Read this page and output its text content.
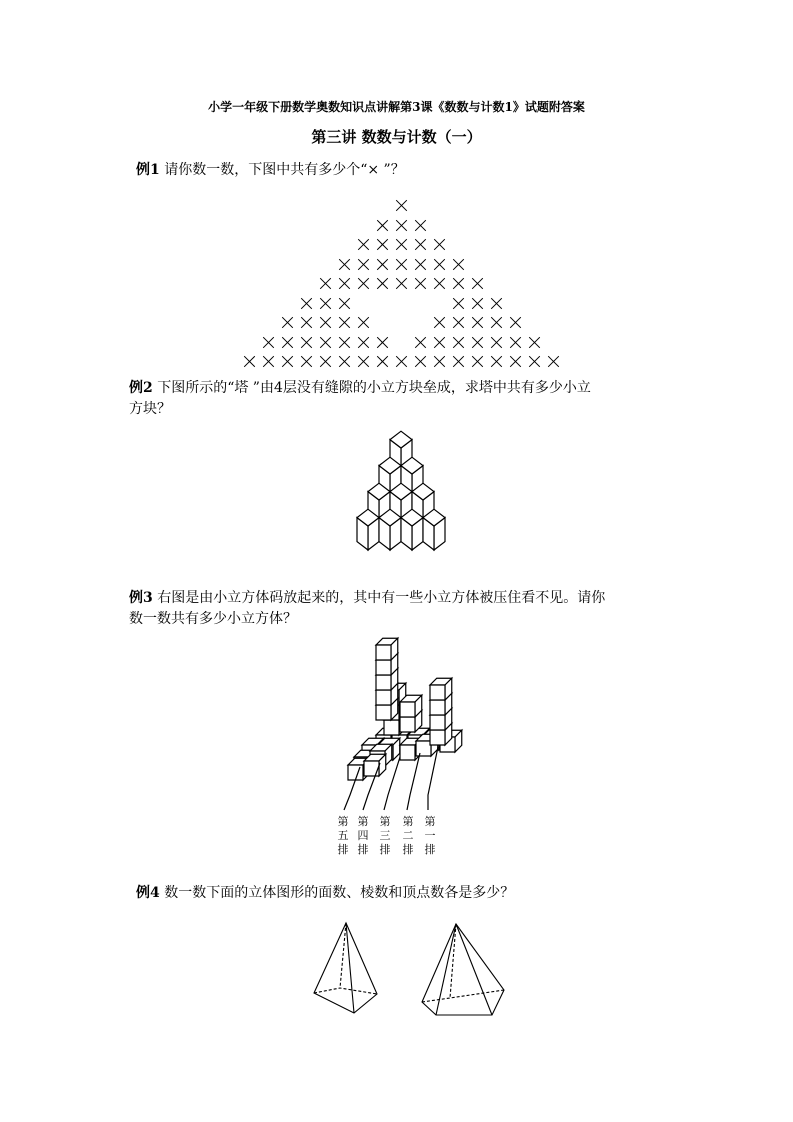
小学一年级下册数学奥数知识点讲解第3课《数数与计数1》试题附答案
第三讲 数数与计数（一）
例1 请你数一数，下图中共有多少个“× ”？
例2 下图所示的“塔 ”由4层没有缝隙的小立方块垒成，求塔中共有多少小立
方块？
例3 右图是由小立方体码放起来的，其中有一些小立方体被压住看不见。请你
数一数共有多少小立方体？
第
五
排
第
四
排
第
三
排
第
二
排
第
一
排
例4 数一数下面的立体图形的面数、棱数和顶点数各是多少？
